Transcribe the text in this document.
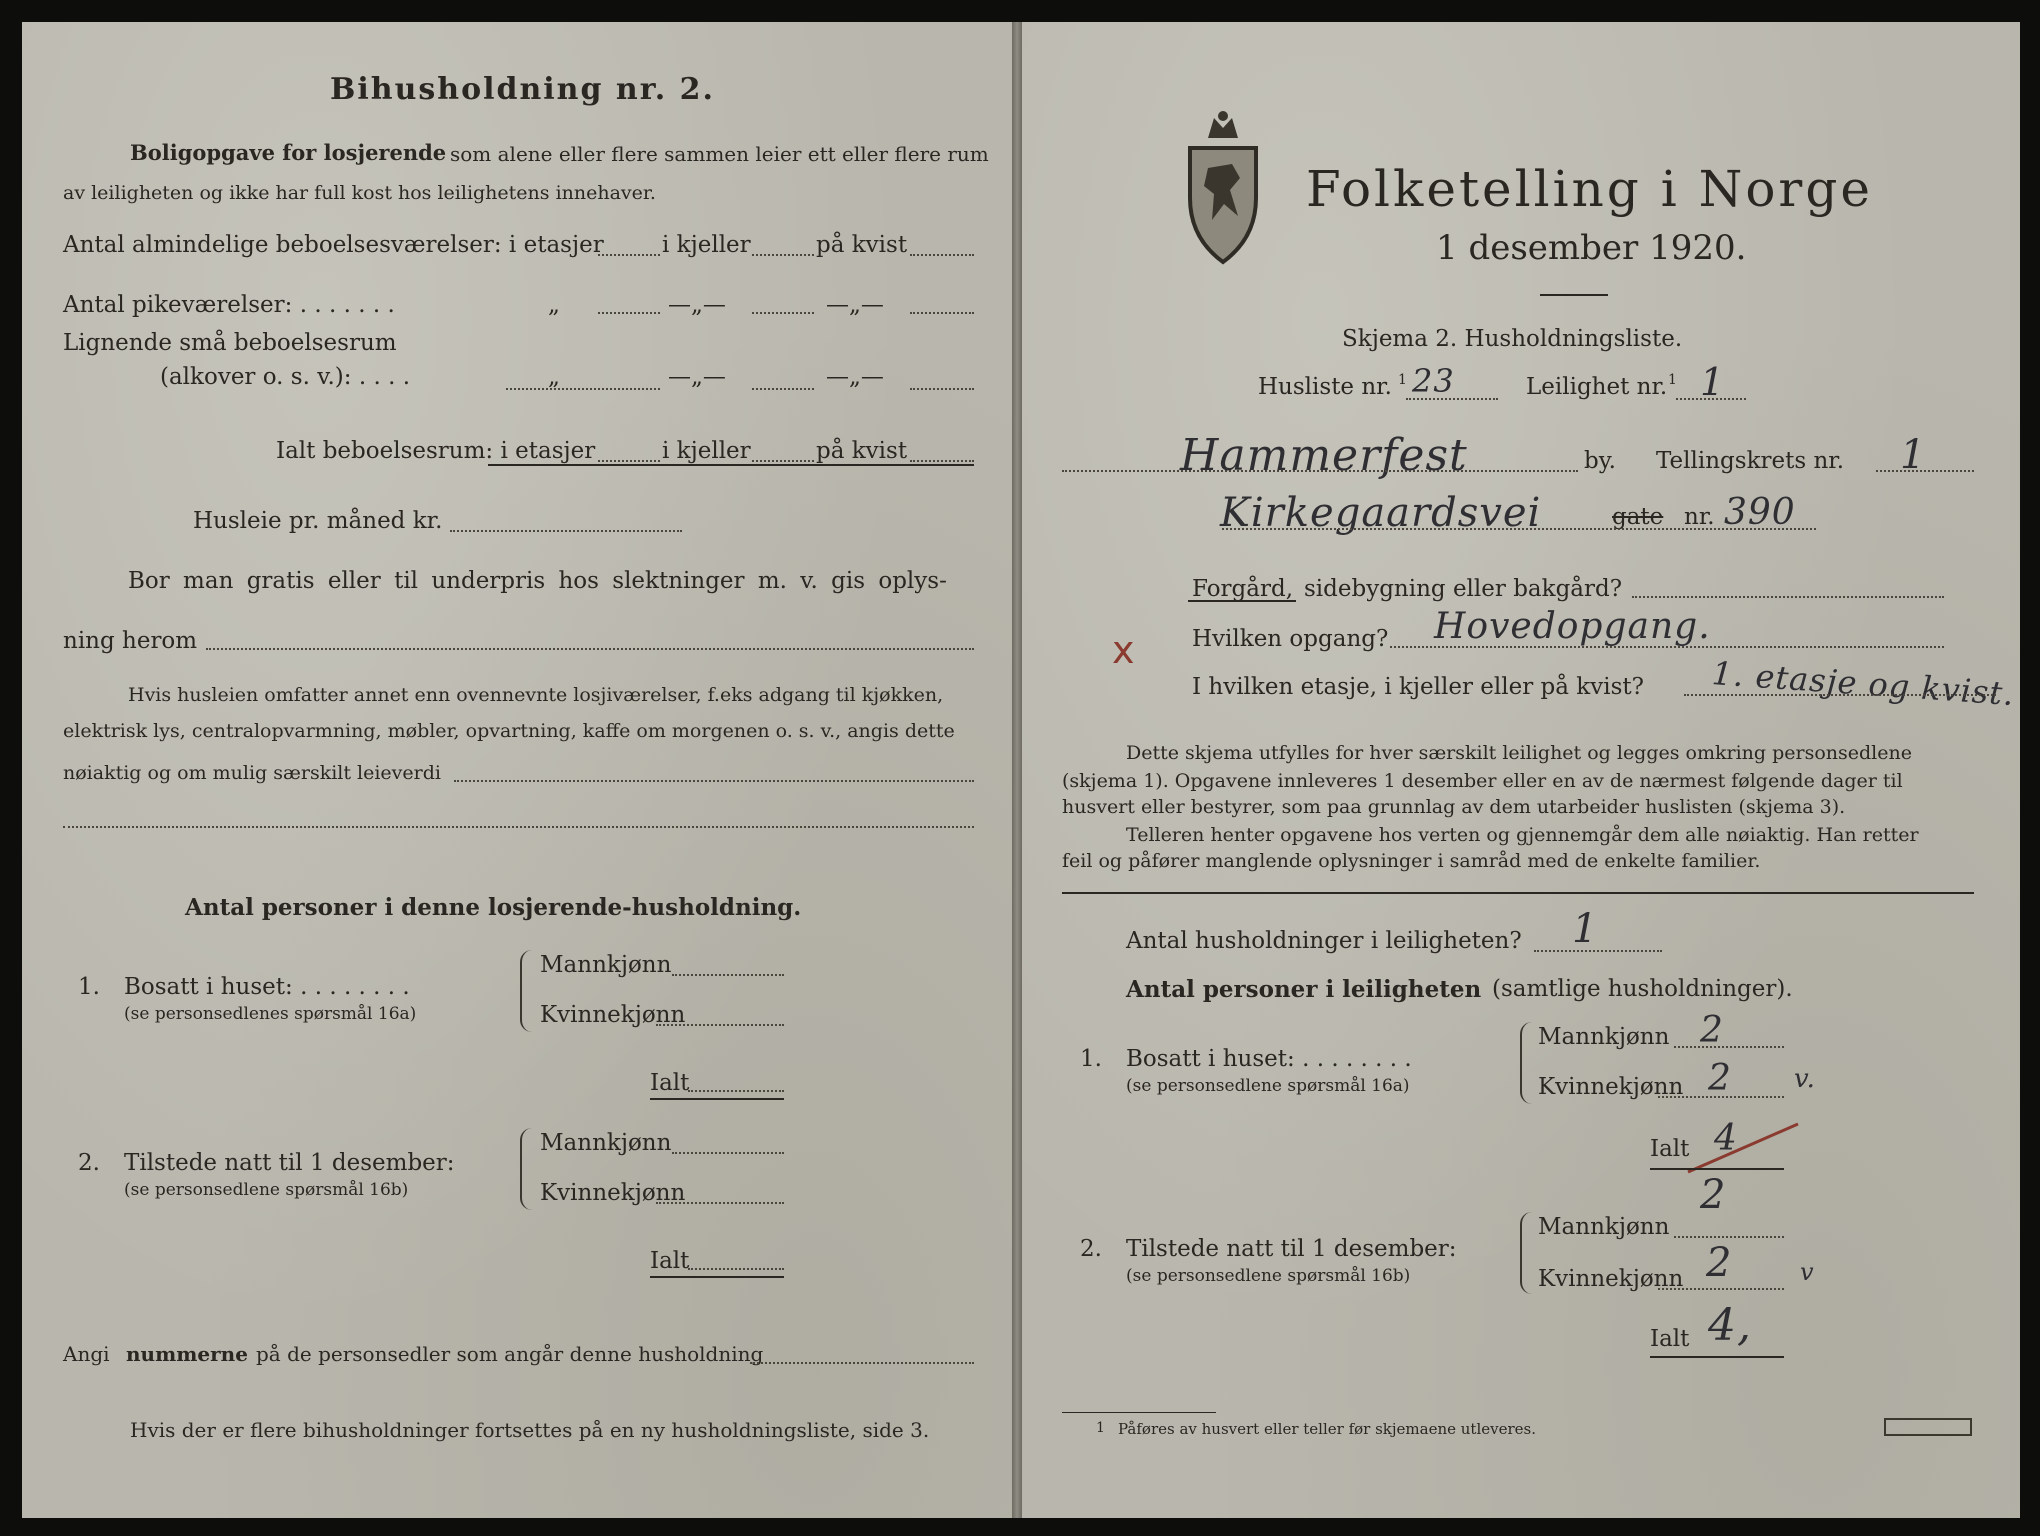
Bihusholdning nr. 2.
Boligopgave for losjerende som alene eller flere sammen leier ett eller flere rum
av leiligheten og ikke har full kost hos leilighetens innehaver.
Antal almindelige beboelsesværelser: i etasjer	i kjeller	på kvist
Antal pikeværelser: . . . . . . .	„	—„—	—„—
Lignende små beboelsesrum
(alkover o. s. v.): . . . .	„	—„—	—„—
Ialt beboelsesrum: i etasjer	i kjeller	på kvist
Husleie pr. måned kr.
Bor man gratis eller til underpris hos slektninger m. v. gis oplys-
ning herom
Hvis husleien omfatter annet enn ovennevnte losjiværelser, f.eks adgang til kjøkken,
elektrisk lys, centralopvarmning, møbler, opvartning, kaffe om morgenen o. s. v., angis dette
nøiaktig og om mulig særskilt leieverdi
Antal personer i denne losjerende-husholdning.
1. Bosatt i huset: . . . . . . . .
(se personsedlenes spørsmål 16a)
Mannkjønn
Kvinnekjønn
Ialt
2. Tilstede natt til 1 desember:
(se personsedlene spørsmål 16b)
Mannkjønn
Kvinnekjønn
Ialt
Angi nummerne på de personsedler som angår denne husholdning
Hvis der er flere bihusholdninger fortsettes på en ny husholdningsliste, side 3.
Folketelling i Norge
1 desember 1920.
Skjema 2. Husholdningsliste.
Husliste nr. 1 23	Leilighet nr. 1 1
Hammerfest	by. Tellingskrets nr. 1
Kirkegaardsvei	gate nr. 390
Forgård, sidebygning eller bakgård?
x	Hvilken opgang? Hovedopgang.
I hvilken etasje, i kjeller eller på kvist? 1. etasje og kvist.
Dette skjema utfylles for hver særskilt leilighet og legges omkring personsedlene
(skjema 1). Opgavene innleveres 1 desember eller en av de nærmest følgende dager til
husvert eller bestyrer, som paa grunnlag av dem utarbeider huslisten (skjema 3).
Telleren henter opgavene hos verten og gjennemgår dem alle nøiaktig. Han retter
feil og påfører manglende oplysninger i samråd med de enkelte familier.
Antal husholdninger i leiligheten? 1
Antal personer i leiligheten (samtlige husholdninger).
1. Bosatt i huset: . . . . . . . .
(se personsedlene spørsmål 16a)
Mannkjønn 2
Kvinnekjønn 2 v.
Ialt 4
2
2. Tilstede natt til 1 desember:
(se personsedlene spørsmål 16b)
Mannkjønn
Kvinnekjønn 2	v
Ialt 4,
1 Påføres av husvert eller teller før skjemaene utleveres.
